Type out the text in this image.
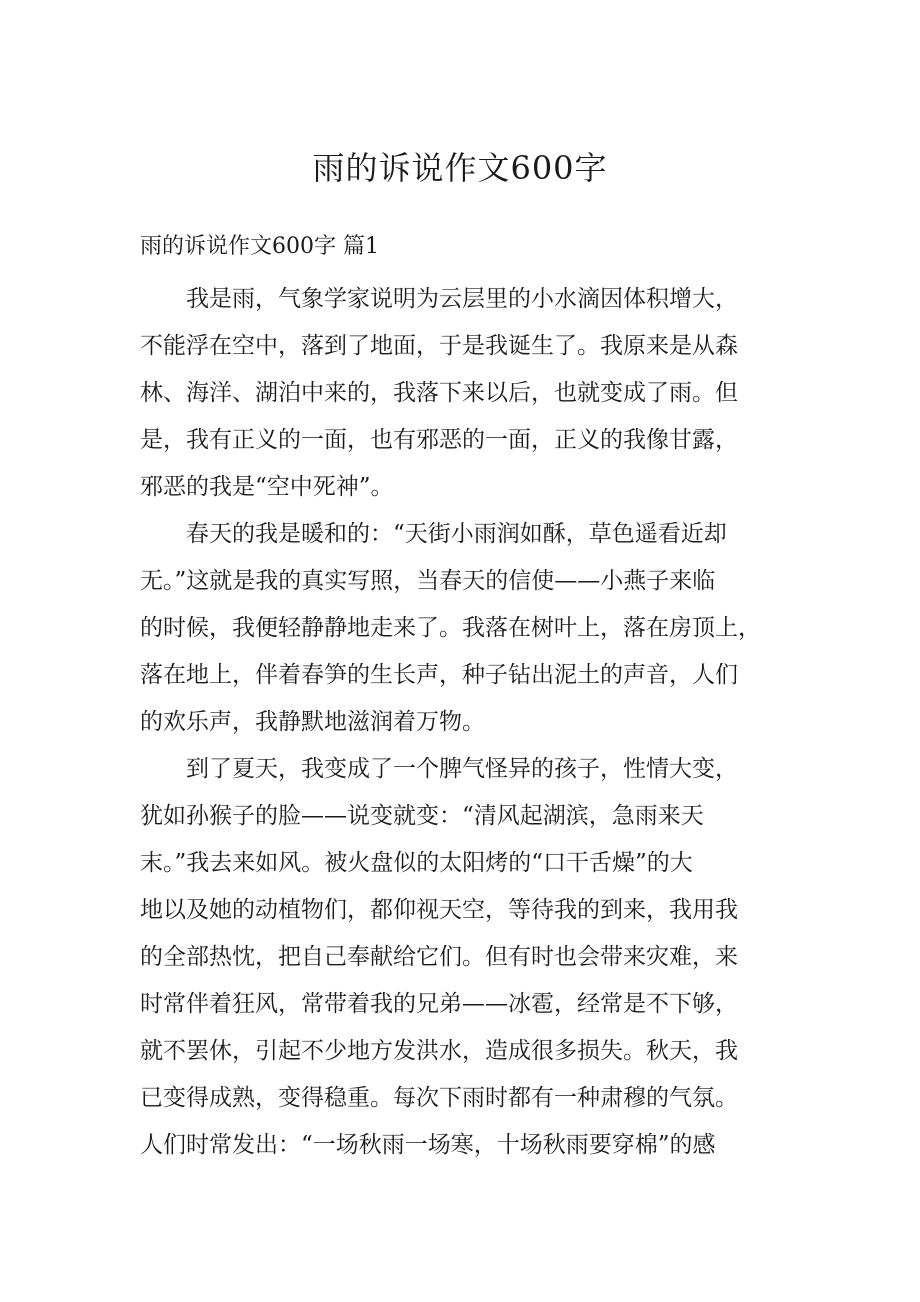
雨的诉说作文600字
雨的诉说作文600字 篇1

　　我是雨，气象学家说明为云层里的小水滴因体积增大，

不能浮在空中，落到了地面，于是我诞生了。我原来是从森

林、海洋、湖泊中来的，我落下来以后，也就变成了雨。但

是，我有正义的一面，也有邪恶的一面，正义的我像甘露，

邪恶的我是“空中死神”。

　　春天的我是暖和的：“天街小雨润如酥，草色遥看近却

无。”这就是我的真实写照，当春天的信使——小燕子来临

的时候，我便轻静静地走来了。我落在树叶上，落在房顶上，

落在地上，伴着春笋的生长声，种子钻出泥土的声音，人们

的欢乐声，我静默地滋润着万物。

　　到了夏天，我变成了一个脾气怪异的孩子，性情大变，

犹如孙猴子的脸——说变就变：“清风起湖滨，急雨来天

末。”我去来如风。被火盘似的太阳烤的“口干舌燥”的大

地以及她的动植物们，都仰视天空，等待我的到来，我用我

的全部热忱，把自己奉献给它们。但有时也会带来灾难，来

时常伴着狂风，常带着我的兄弟——冰雹，经常是不下够，

就不罢休，引起不少地方发洪水，造成很多损失。秋天，我

已变得成熟，变得稳重。每次下雨时都有一种肃穆的气氛。

人们时常发出：“一场秋雨一场寒，十场秋雨要穿棉”的感
